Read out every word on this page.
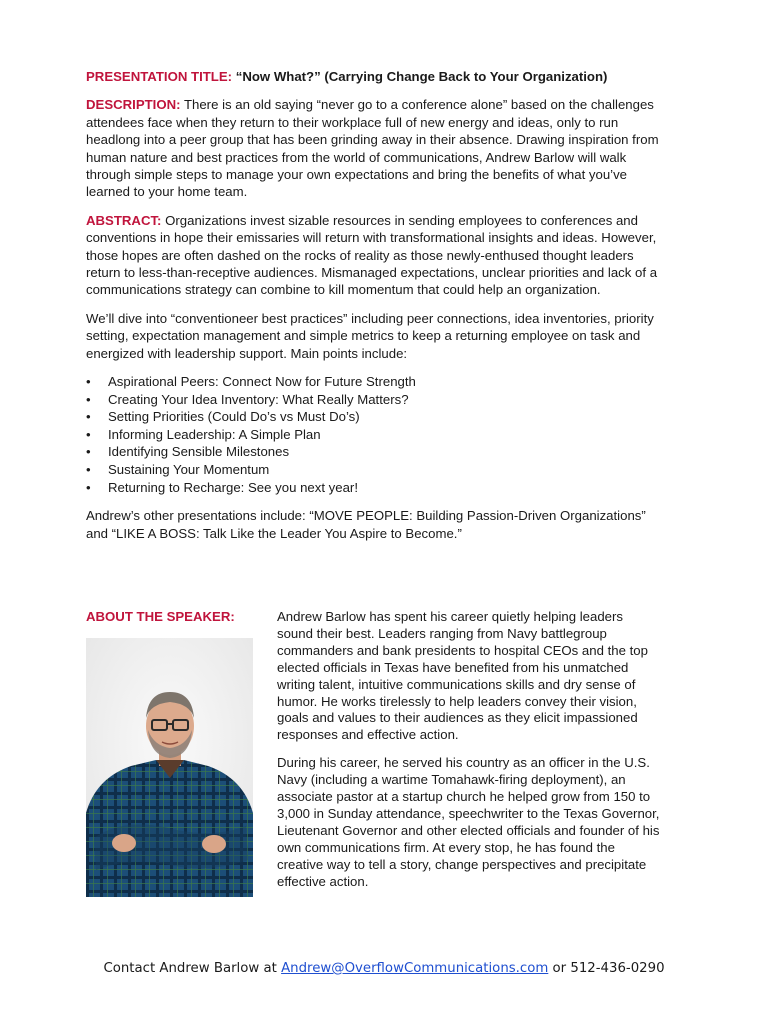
PRESENTATION TITLE: “Now What?” (Carrying Change Back to Your Organization)

DESCRIPTION: There is an old saying “never go to a conference alone” based on the challenges attendees face when they return to their workplace full of new energy and ideas, only to run headlong into a peer group that has been grinding away in their absence. Drawing inspiration from human nature and best practices from the world of communications, Andrew Barlow will walk through simple steps to manage your own expectations and bring the benefits of what you’ve learned to your home team.

ABSTRACT: Organizations invest sizable resources in sending employees to conferences and conventions in hope their emissaries will return with transformational insights and ideas. However, those hopes are often dashed on the rocks of reality as those newly-enthused thought leaders return to less-than-receptive audiences. Mismanaged expectations, unclear priorities and lack of a communications strategy can combine to kill momentum that could help an organization.

We’ll dive into “conventioneer best practices” including peer connections, idea inventories, priority setting, expectation management and simple metrics to keep a returning employee on task and energized with leadership support. Main points include:

• Aspirational Peers: Connect Now for Future Strength
• Creating Your Idea Inventory: What Really Matters?
• Setting Priorities (Could Do’s vs Must Do’s)
• Informing Leadership: A Simple Plan
• Identifying Sensible Milestones
• Sustaining Your Momentum
• Returning to Recharge: See you next year!

Andrew’s other presentations include: “MOVE PEOPLE: Building Passion-Driven Organizations” and “LIKE A BOSS: Talk Like the Leader You Aspire to Become.”

ABOUT THE SPEAKER:	Andrew Barlow has spent his career quietly helping leaders sound their best. Leaders ranging from Navy battlegroup commanders and bank presidents to hospital CEOs and the top elected officials in Texas have benefited from his unmatched writing talent, intuitive communications skills and dry sense of humor. He works tirelessly to help leaders convey their vision, goals and values to their audiences as they elicit impassioned responses and effective action.

During his career, he served his country as an officer in the U.S. Navy (including a wartime Tomahawk-firing deployment), an associate pastor at a startup church he helped grow from 150 to 3,000 in Sunday attendance, speechwriter to the Texas Governor, Lieutenant Governor and other elected officials and founder of his own communications firm. At every stop, he has found the creative way to tell a story, change perspectives and precipitate effective action.

Contact Andrew Barlow at Andrew@OverflowCommunications.com or 512-436-0290
